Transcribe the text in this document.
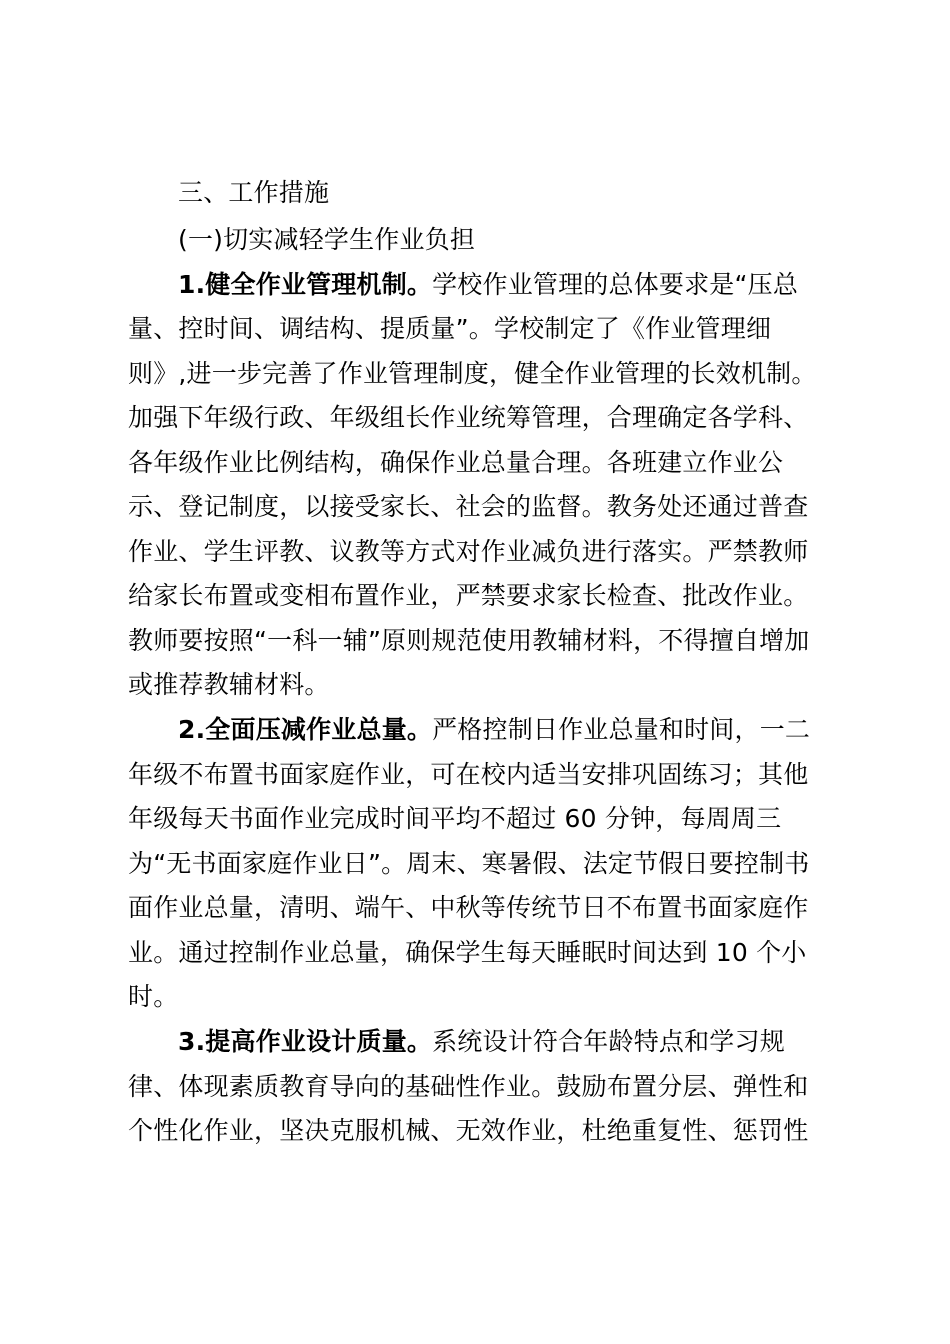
三、工作措施
(一)切实减轻学生作业负担
1.健全作业管理机制。学校作业管理的总体要求是“压总
量、控时间、调结构、提质量”。学校制定了《作业管理细
则》,进一步完善了作业管理制度，健全作业管理的长效机制。
加强下年级行政、年级组长作业统筹管理，合理确定各学科、
各年级作业比例结构，确保作业总量合理。各班建立作业公
示、登记制度，以接受家长、社会的监督。教务处还通过普查
作业、学生评教、议教等方式对作业减负进行落实。严禁教师
给家长布置或变相布置作业，严禁要求家长检查、批改作业。
教师要按照“一科一辅”原则规范使用教辅材料，不得擅自增加
或推荐教辅材料。
2.全面压减作业总量。严格控制日作业总量和时间，一二
年级不布置书面家庭作业，可在校内适当安排巩固练习；其他
年级每天书面作业完成时间平均不超过 60 分钟，每周周三
为“无书面家庭作业日”。周末、寒暑假、法定节假日要控制书
面作业总量，清明、端午、中秋等传统节日不布置书面家庭作
业。通过控制作业总量，确保学生每天睡眠时间达到 10 个小
时。
3.提高作业设计质量。系统设计符合年龄特点和学习规
律、体现素质教育导向的基础性作业。鼓励布置分层、弹性和
个性化作业，坚决克服机械、无效作业，杜绝重复性、惩罚性
